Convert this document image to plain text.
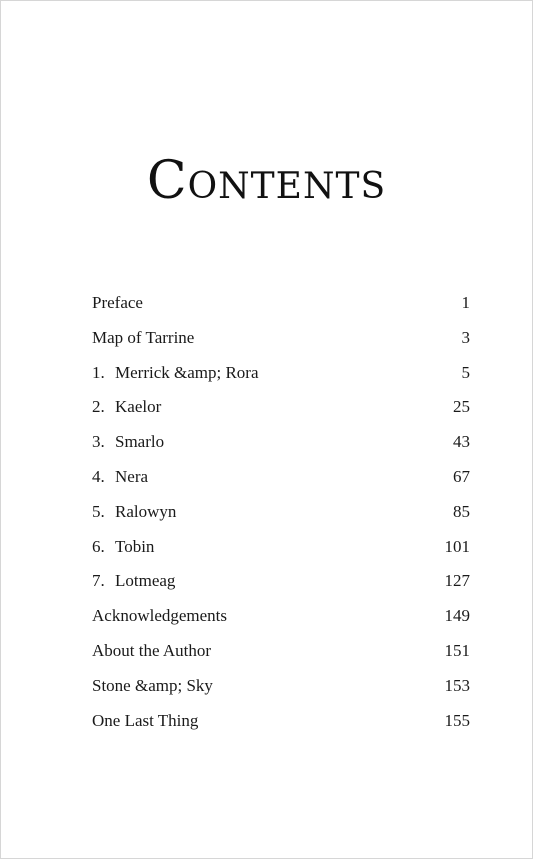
Contents
Preface	1
Map of Tarrine	3
1. Merrick &amp; Rora	5
2. Kaelor	25
3. Smarlo	43
4. Nera	67
5. Ralowyn	85
6. Tobin	101
7. Lotmeag	127
Acknowledgements	149
About the Author	151
Stone &amp; Sky	153
One Last Thing	155
